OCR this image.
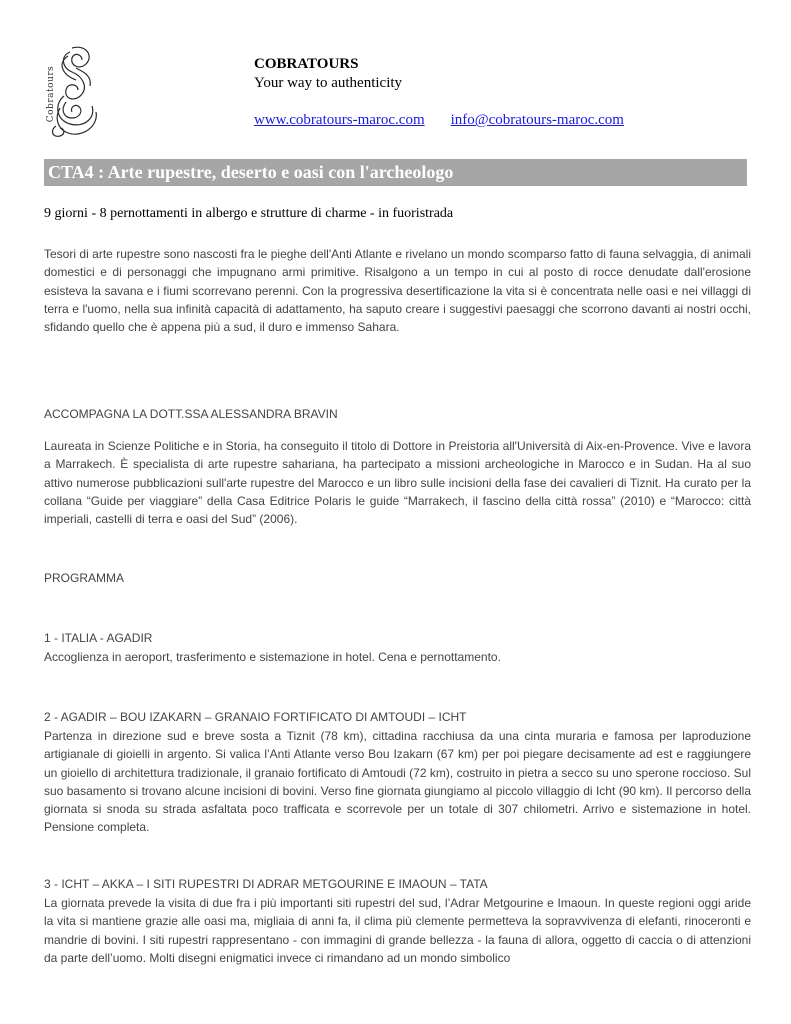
Cobratours
COBRATOURS
Your way to authenticity
www.cobratours-maroc.com info@cobratours-maroc.com
CTA4 : Arte rupestre, deserto e oasi con l'archeologo
9 giorni - 8 pernottamenti in albergo e strutture di charme - in fuoristrada

Tesori di arte rupestre sono nascosti fra le pieghe dell'Anti Atlante e rivelano un mondo scomparso fatto di fauna selvaggia, di animali domestici e di personaggi che impugnano armi primitive. Risalgono a un tempo in cui al posto di rocce denudate dall'erosione esisteva la savana e i fiumi scorrevano perenni. Con la progressiva desertificazione la vita si è concentrata nelle oasi e nei villaggi di terra e l'uomo, nella sua infinità capacità di adattamento, ha saputo creare i suggestivi paesaggi che scorrono davanti ai nostri occhi, sfidando quello che è appena più a sud, il duro e immenso Sahara.

ACCOMPAGNA LA DOTT.SSA ALESSANDRA BRAVIN

Laureata in Scienze Politiche e in Storia, ha conseguito il titolo di Dottore in Preistoria all'Università di Aix-en-Provence. Vive e lavora a Marrakech. È specialista di arte rupestre sahariana, ha partecipato a missioni archeologiche in Marocco e in Sudan. Ha al suo attivo numerose pubblicazioni sull'arte rupestre del Marocco e un libro sulle incisioni della fase dei cavalieri di Tiznit. Ha curato per la collana “Guide per viaggiare” della Casa Editrice Polaris le guide “Marrakech, il fascino della città rossa” (2010) e “Marocco: città imperiali, castelli di terra e oasi del Sud” (2006).

PROGRAMMA
1 - ITALIA - AGADIR

Accoglienza in aeroport, trasferimento e sistemazione in hotel. Cena e pernottamento.

2 - AGADIR – BOU IZAKARN – GRANAIO FORTIFICATO DI AMTOUDI – ICHT

Partenza in direzione sud e breve sosta a Tiznit (78 km), cittadina racchiusa da una cinta muraria e famosa per laproduzione artigianale di gioielli in argento. Si valica l’Anti Atlante verso Bou Izakarn (67 km) per poi piegare decisamente ad est e raggiungere un gioiello di architettura tradizionale, il granaio fortificato di Amtoudi (72 km), costruito in pietra a secco su uno sperone roccioso. Sul suo basamento si trovano alcune incisioni di bovini. Verso fine giornata giungiamo al piccolo villaggio di Icht (90 km). Il percorso della giornata si snoda su strada asfaltata poco trafficata e scorrevole per un totale di 307 chilometri. Arrivo e sistemazione in hotel. Pensione completa.

3 - ICHT – AKKA – I SITI RUPESTRI DI ADRAR METGOURINE E IMAOUN – TATA

La giornata prevede la visita di due fra i più importanti siti rupestri del sud, l’Adrar Metgourine e Imaoun. In queste regioni oggi aride la vita si mantiene grazie alle oasi ma, migliaia di anni fa, il clima più clemente permetteva la sopravvivenza di elefanti, rinoceronti e mandrie di bovini. I siti rupestri rappresentano - con immagini di grande bellezza - la fauna di allora, oggetto di caccia o di attenzioni da parte dell’uomo. Molti disegni enigmatici invece ci rimandano ad un mondo simbolico
